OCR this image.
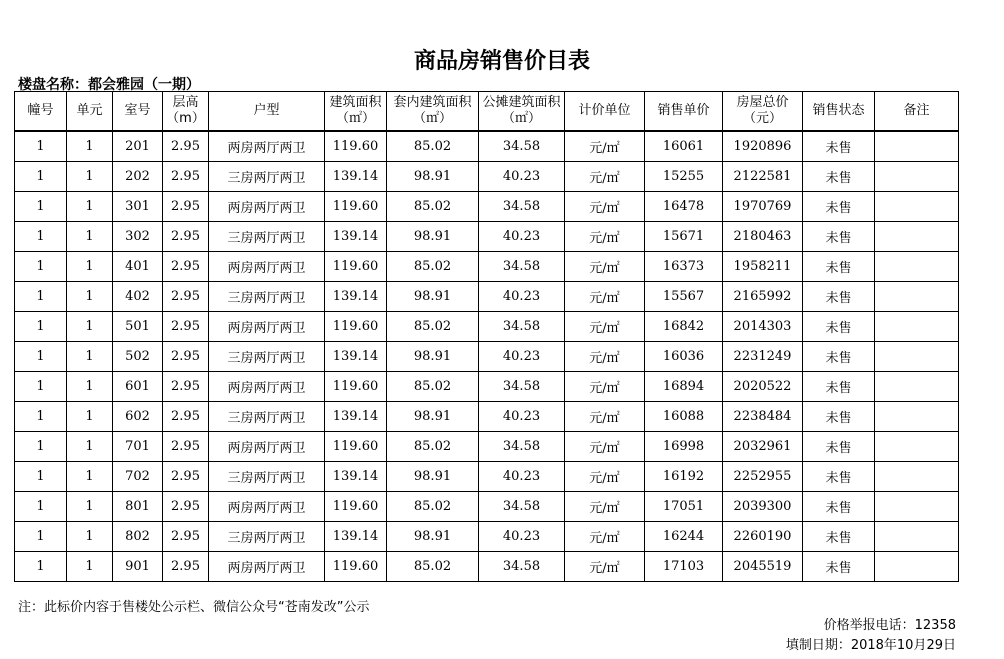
商品房销售价目表
楼盘名称：都会雅园（一期）
幢号	单元	室号	层高（m）	户型	建筑面积（㎡）	套内建筑面积（㎡）	公摊建筑面积（㎡）	计价单位	销售单价	房屋总价（元）	销售状态	备注
1	1	201	2.95	两房两厅两卫	119.60	85.02	34.58	元/㎡	16061	1920896	未售	
1	1	202	2.95	三房两厅两卫	139.14	98.91	40.23	元/㎡	15255	2122581	未售	
1	1	301	2.95	两房两厅两卫	119.60	85.02	34.58	元/㎡	16478	1970769	未售	
1	1	302	2.95	三房两厅两卫	139.14	98.91	40.23	元/㎡	15671	2180463	未售	
1	1	401	2.95	两房两厅两卫	119.60	85.02	34.58	元/㎡	16373	1958211	未售	
1	1	402	2.95	三房两厅两卫	139.14	98.91	40.23	元/㎡	15567	2165992	未售	
1	1	501	2.95	两房两厅两卫	119.60	85.02	34.58	元/㎡	16842	2014303	未售	
1	1	502	2.95	三房两厅两卫	139.14	98.91	40.23	元/㎡	16036	2231249	未售	
1	1	601	2.95	两房两厅两卫	119.60	85.02	34.58	元/㎡	16894	2020522	未售	
1	1	602	2.95	三房两厅两卫	139.14	98.91	40.23	元/㎡	16088	2238484	未售	
1	1	701	2.95	两房两厅两卫	119.60	85.02	34.58	元/㎡	16998	2032961	未售	
1	1	702	2.95	三房两厅两卫	139.14	98.91	40.23	元/㎡	16192	2252955	未售	
1	1	801	2.95	两房两厅两卫	119.60	85.02	34.58	元/㎡	17051	2039300	未售	
1	1	802	2.95	三房两厅两卫	139.14	98.91	40.23	元/㎡	16244	2260190	未售	
1	1	901	2.95	两房两厅两卫	119.60	85.02	34.58	元/㎡	17103	2045519	未售	
注：此标价内容于售楼处公示栏、微信公众号“苍南发改”公示
价格举报电话：12358
填制日期：2018年10月29日
